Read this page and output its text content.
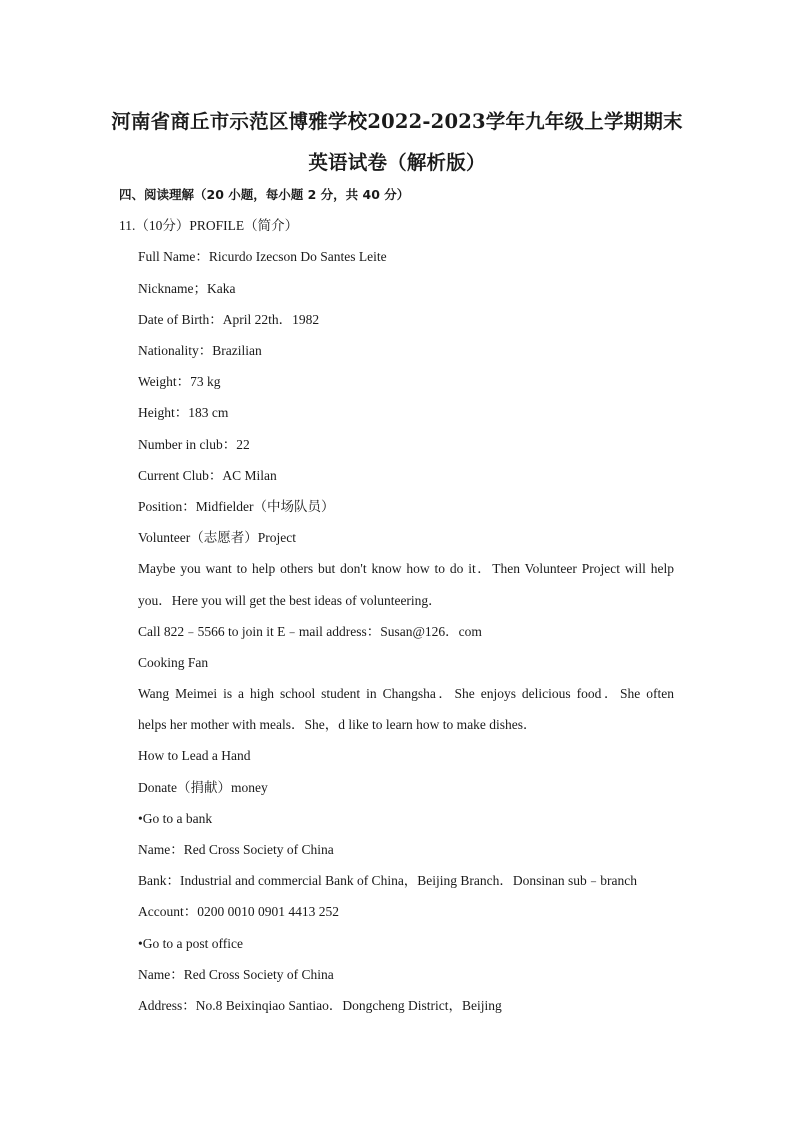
河南省商丘市示范区博雅学校2022-2023学年九年级上学期期末
英语试卷（解析版）
四、阅读理解（20 小题，每小题 2 分，共 40 分）
11.（10分）PROFILE（简介）
Full Name：Ricurdo Izecson Do Santes Leite
Nickname；Kaka
Date of Birth：April 22th．1982
Nationality：Brazilian
Weight：73 kg
Height：183 cm
Number in club：22
Current Club：AC Milan
Position：Midfielder（中场队员）
Volunteer（志愿者）Project
Maybe you want to help others but don't know how to do it．Then Volunteer Project will help
you．Here you will get the best ideas of volunteering．
Call 822﹣5566 to join it E﹣mail address：Susan@126．com
Cooking Fan
Wang Meimei is a high school student in Changsha．She enjoys delicious food．She often
helps her mother with meals．She，d like to learn how to make dishes．
How to Lead a Hand
Donate（捐献）money
•Go to a bank
Name：Red Cross Society of China
Bank：Industrial and commercial Bank of China，Beijing Branch．Donsinan sub﹣branch
Account：0200 0010 0901 4413 252
•Go to a post office
Name：Red Cross Society of China
Address：No.8 Beixinqiao Santiao．Dongcheng District，Beijing
